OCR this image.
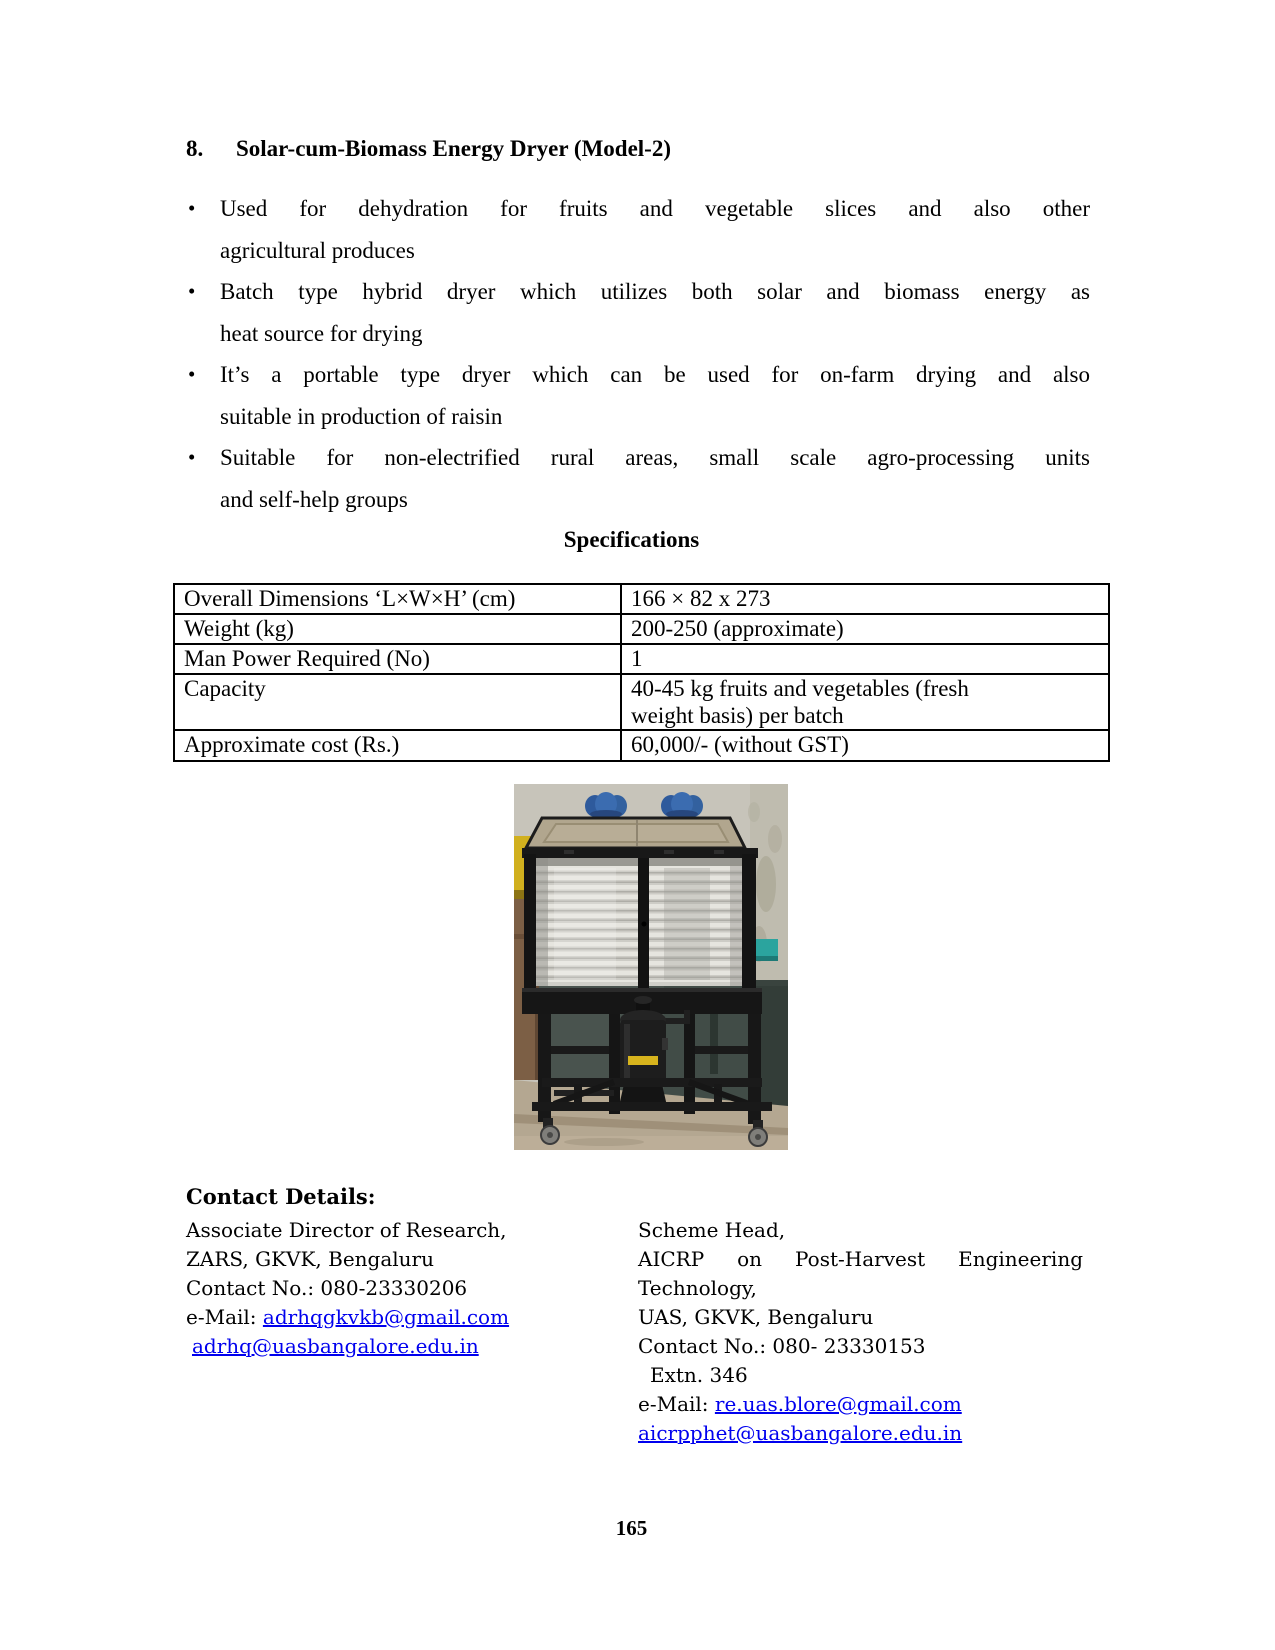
8. Solar-cum-Biomass Energy Dryer (Model-2)
• Used for dehydration for fruits and vegetable slices and also other
agricultural produces
• Batch type hybrid dryer which utilizes both solar and biomass energy as
heat source for drying
• It’s a portable type dryer which can be used for on-farm drying and also
suitable in production of raisin
• Suitable for non-electrified rural areas, small scale agro-processing units
and self-help groups
Specifications
Overall Dimensions ‘L×W×H’ (cm)	166 × 82 x 273
Weight (kg)	200-250 (approximate)
Man Power Required (No)	1
Capacity	40-45 kg fruits and vegetables (fresh
weight basis) per batch

Approximate cost (Rs.)	60,000/- (without GST)
Contact Details:
Associate Director of Research,
ZARS, GKVK, Bengaluru
Contact No.: 080-23330206
e-Mail: adrhqgkvkb@gmail.com
adrhq@uasbangalore.edu.in
Scheme Head,
AICRP on Post-Harvest Engineering
Technology,
UAS, GKVK, Bengaluru
Contact No.: 080- 23330153
Extn. 346
e-Mail: re.uas.blore@gmail.com
aicrpphet@uasbangalore.edu.in
165
